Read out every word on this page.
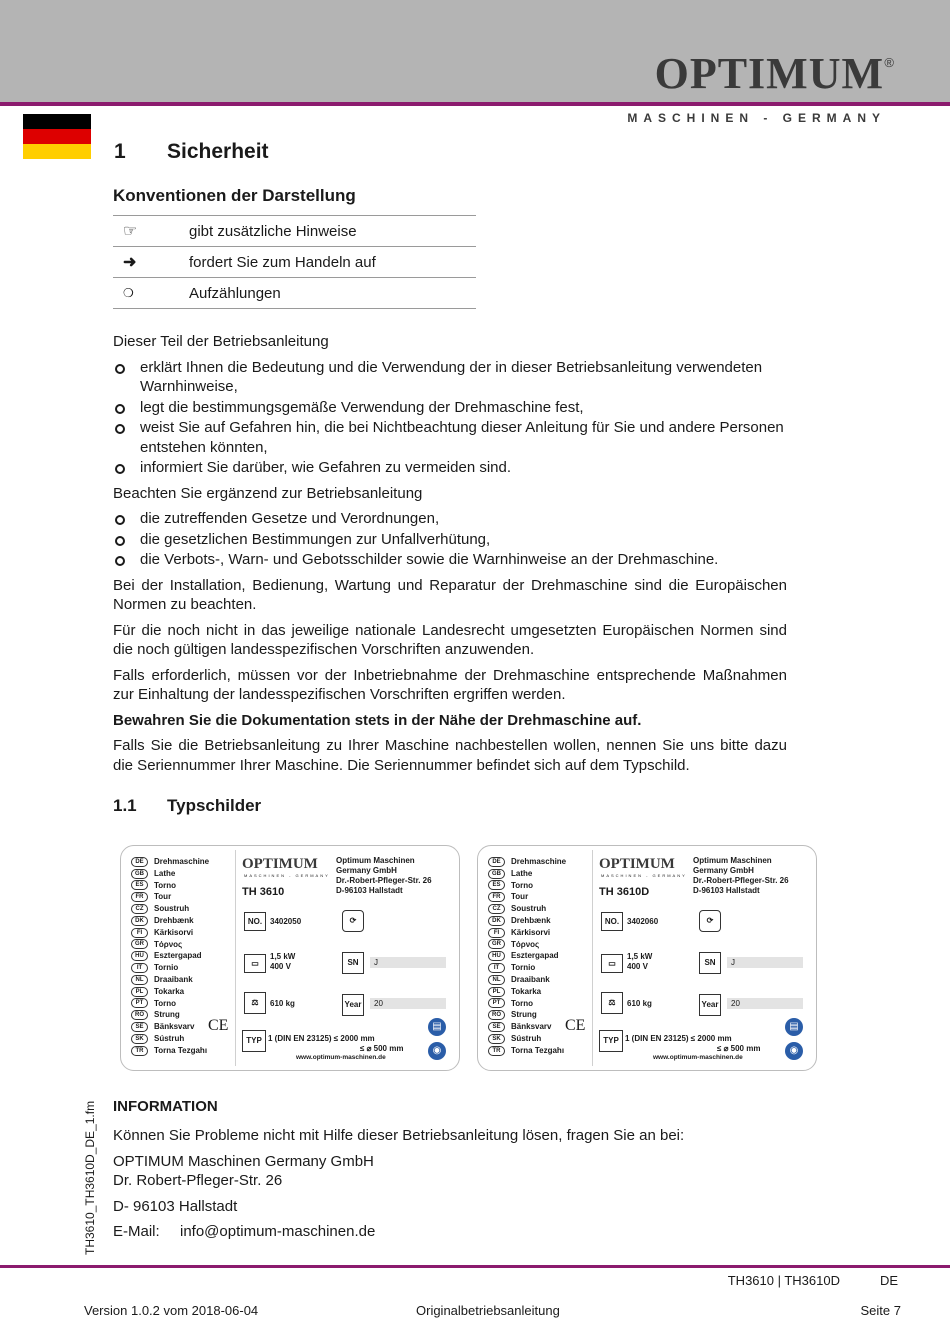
OPTIMUM ®
MASCHINEN - GERMANY
1 Sicherheit
Konventionen der Darstellung
☞	gibt zusätzliche Hinweise
➜	fordert Sie zum Handeln auf
❍	Aufzählungen

Dieser Teil der Betriebsanleitung

erklärt Ihnen die Bedeutung und die Verwendung der in dieser Betriebsanleitung verwendeten Warnhinweise,
legt die bestimmungsgemäße Verwendung der Drehmaschine fest,
weist Sie auf Gefahren hin, die bei Nichtbeachtung dieser Anleitung für Sie und andere Personen entstehen könnten,
informiert Sie darüber, wie Gefahren zu vermeiden sind.

Beachten Sie ergänzend zur Betriebsanleitung

die zutreffenden Gesetze und Verordnungen,
die gesetzlichen Bestimmungen zur Unfallverhütung,
die Verbots-, Warn- und Gebotsschilder sowie die Warnhinweise an der Drehmaschine.

Bei der Installation, Bedienung, Wartung und Reparatur der Drehmaschine sind die Europäischen Normen zu beachten.

Für die noch nicht in das jeweilige nationale Landesrecht umgesetzten Europäischen Normen sind die noch gültigen landesspezifischen Vorschriften anzuwenden.

Falls erforderlich, müssen vor der Inbetriebnahme der Drehmaschine entsprechende Maßnahmen zur Einhaltung der landesspezifischen Vorschriften ergriffen werden.

Bewahren Sie die Dokumentation stets in der Nähe der Drehmaschine auf.

Falls Sie die Betriebsanleitung zu Ihrer Maschine nachbestellen wollen, nennen Sie uns bitte dazu die Seriennummer Ihrer Maschine. Die Seriennummer befindet sich auf dem Typschild.

1.1 Typschilder
DE	Drehmaschine
GB	Lathe
ES	Torno
FR	Tour
CZ	Soustruh
DK	Drehbænk
FI	Kärkisorvi
GR	Tόρνος
HU	Esztergapad
IT	Tornio
NL	Draaibank
PL	Tokarka
PT	Torno
RO	Strung
SE	Bänksvarv
SK	Sústruh
TR	Torna Tezgahı
CE
OPTIMUM
MASCHINEN - GERMANY
Optimum Maschinen
Germany GmbH
Dr.-Robert-Pfleger-Str. 26
D-96103 Hallstadt
TH 3610
NO. 3402050	⟳
▭
1,5 kW
400 V	SN	J
⚖	610 kg	Year	20
TYP 1 (DIN EN 23125) ≤ 2000 mm
≤ ⌀ 500 mm
▤
◉
www.optimum-maschinen.de
DE	Drehmaschine
GB	Lathe
ES	Torno
FR	Tour
CZ	Soustruh
DK	Drehbænk
FI	Kärkisorvi
GR	Tόρνος
HU	Esztergapad
IT	Tornio
NL	Draaibank
PL	Tokarka
PT	Torno
RO	Strung
SE	Bänksvarv
SK	Sústruh
TR	Torna Tezgahı
CE
OPTIMUM
MASCHINEN - GERMANY
Optimum Maschinen
Germany GmbH
Dr.-Robert-Pfleger-Str. 26
D-96103 Hallstadt
TH 3610D
NO. 3402060	⟳
▭
1,5 kW
400 V	SN	J
⚖	610 kg	Year	20
TYP 1 (DIN EN 23125) ≤ 2000 mm
≤ ⌀ 500 mm
▤
◉
www.optimum-maschinen.de
INFORMATION

Können Sie Probleme nicht mit Hilfe dieser Betriebsanleitung lösen, fragen Sie an bei:

OPTIMUM Maschinen Germany GmbH
Dr. Robert-Pfleger-Str. 26

D- 96103 Hallstadt

E-Mail: info@optimum-maschinen.de

TH3610_TH3610D_DE_1.fm
TH3610 | TH3610D	DE
Version 1.0.2 vom 2018-06-04	Originalbetriebsanleitung	Seite 7
